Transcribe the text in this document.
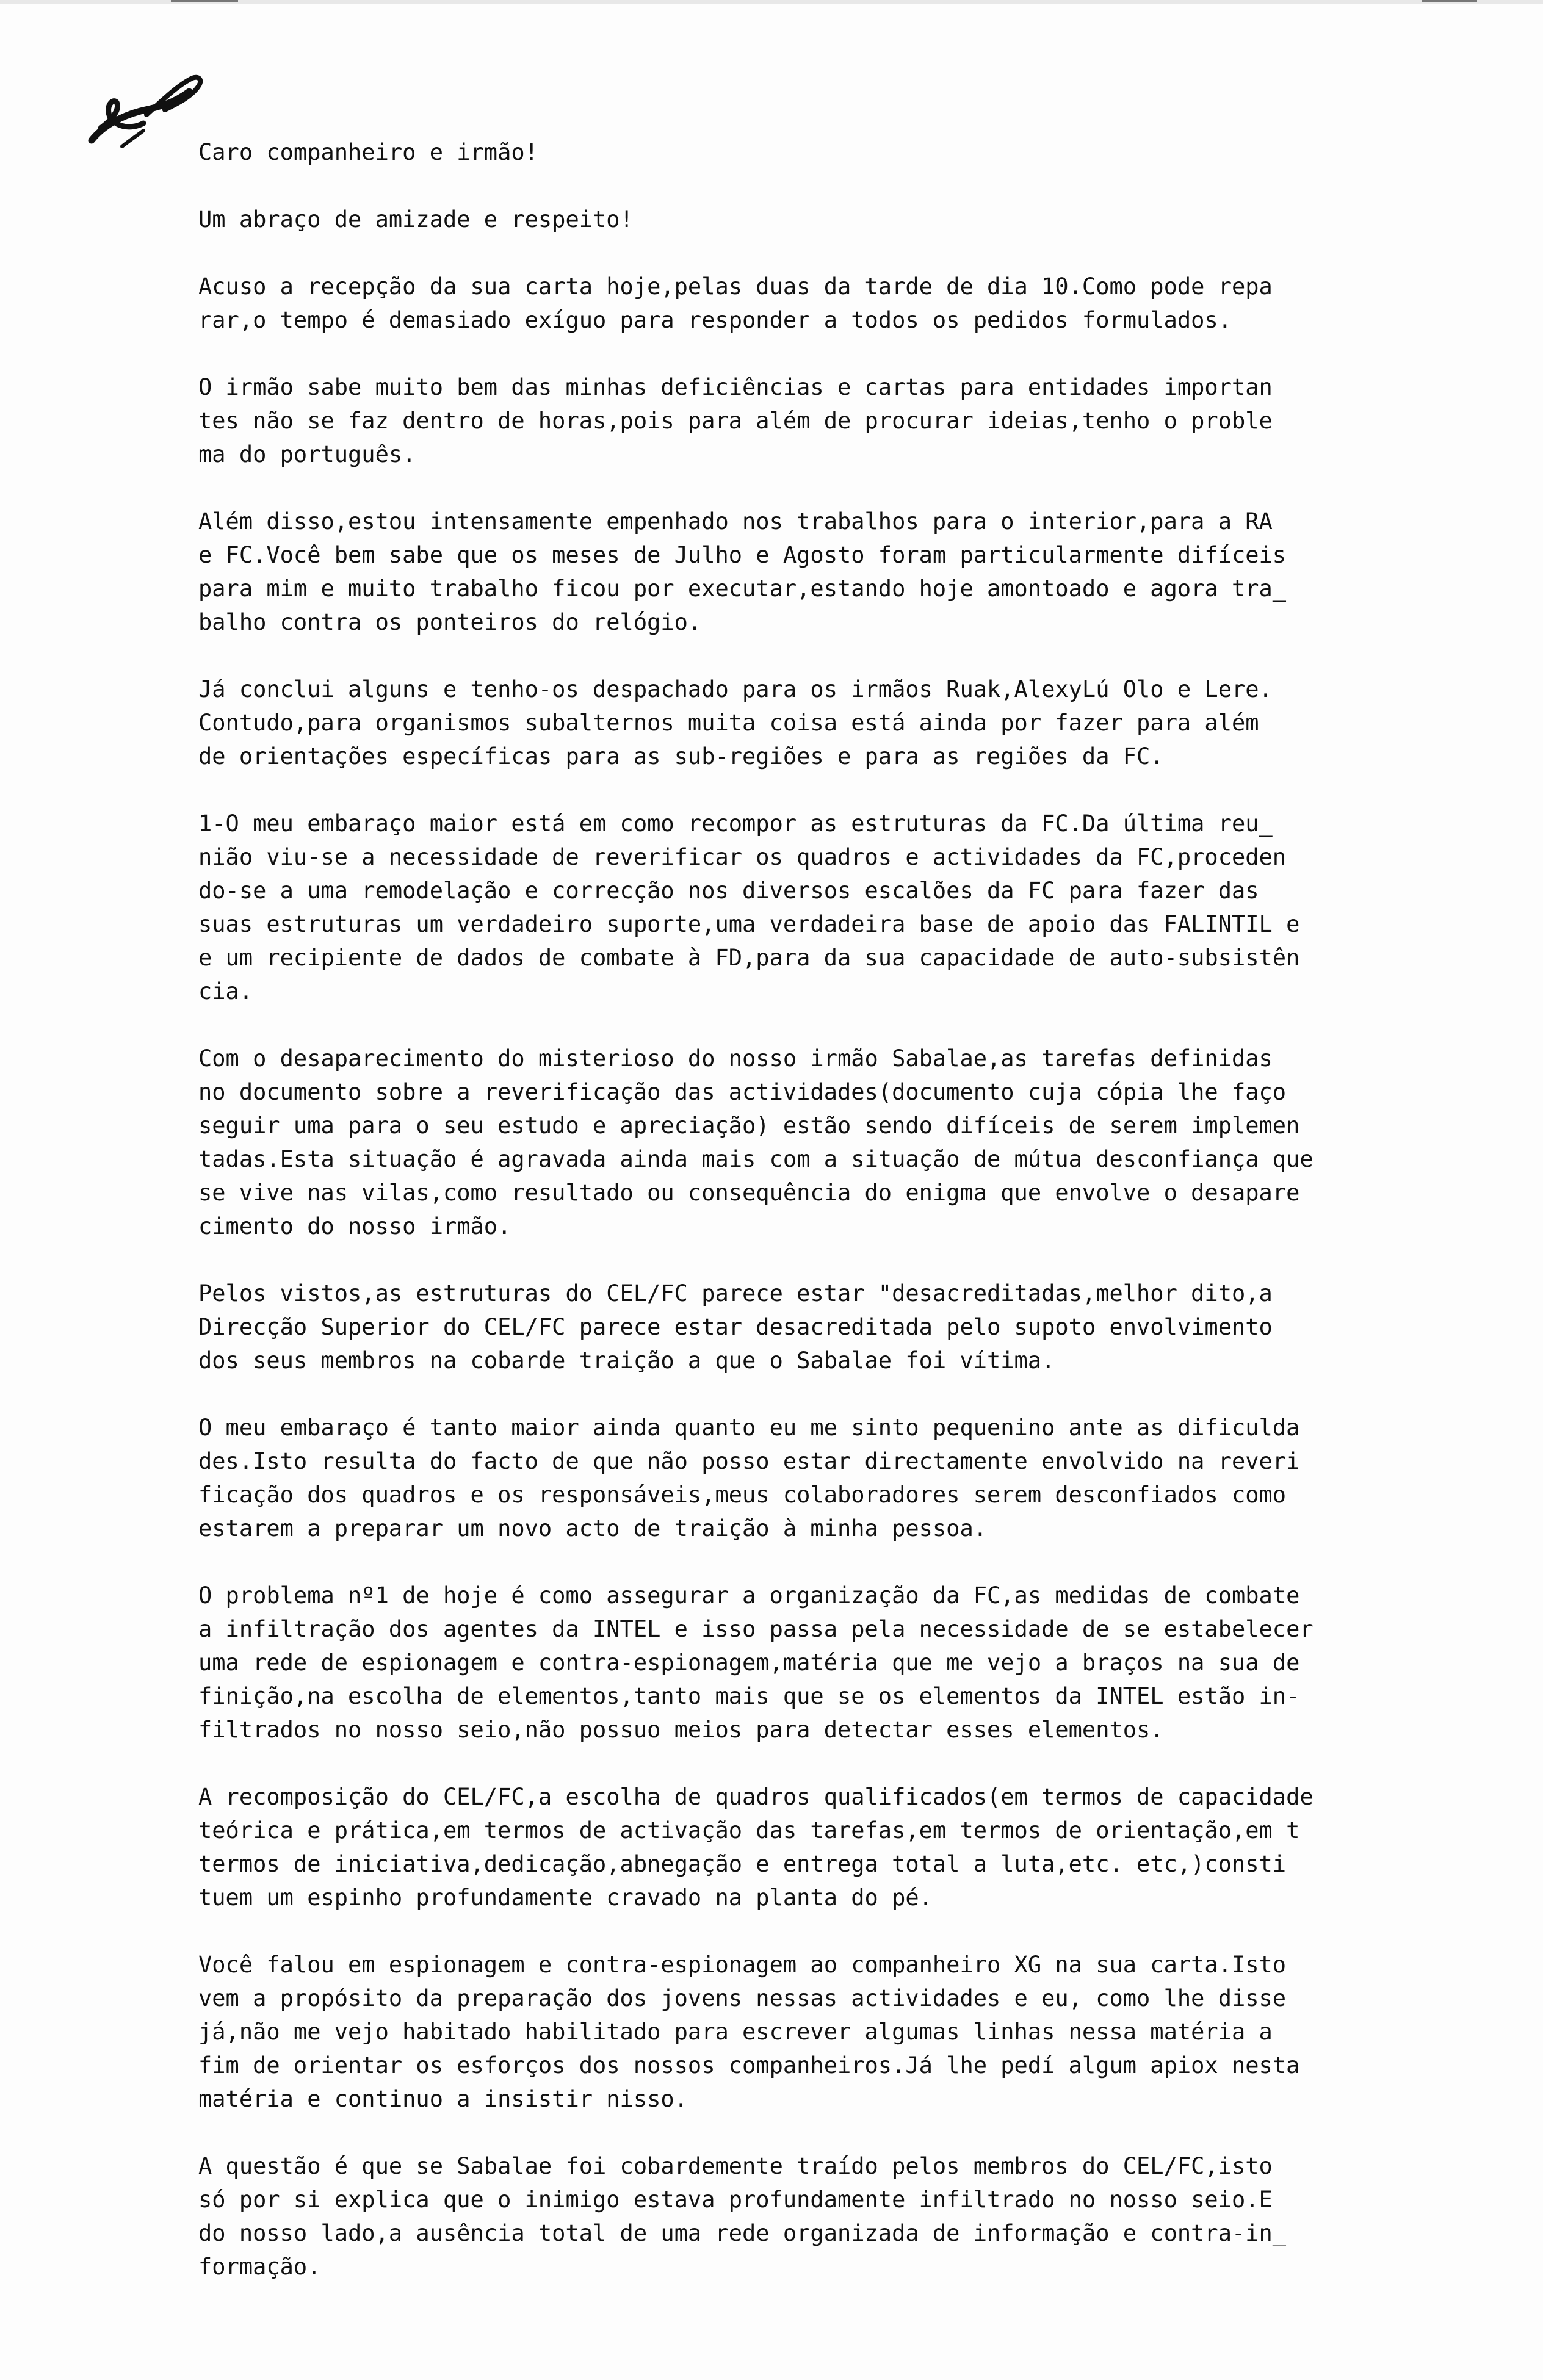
Caro companheiro e irmão!

Um abraço de amizade e respeito!

Acuso a recepção da sua carta hoje,pelas duas da tarde de dia 10.Como pode repa

rar,o tempo é demasiado exíguo para responder a todos os pedidos formulados.

O irmão sabe muito bem das minhas deficiências e cartas para entidades importan

tes não se faz dentro de horas,pois para além de procurar ideias,tenho o proble

ma do português.

Além disso,estou intensamente empenhado nos trabalhos para o interior,para a RA

e FC.Você bem sabe que os meses de Julho e Agosto foram particularmente difíceis

para mim e muito trabalho ficou por executar,estando hoje amontoado e agora tra_

balho contra os ponteiros do relógio.

Já conclui alguns e tenho-os despachado para os irmãos Ruak,AlexyLú Olo e Lere.

Contudo,para organismos subalternos muita coisa está ainda por fazer para além

de orientações específicas para as sub-regiões e para as regiões da FC.

1-O meu embaraço maior está em como recompor as estruturas da FC.Da última reu_

nião viu-se a necessidade de reverificar os quadros e actividades da FC,proceden

do-se a uma remodelação e correcção nos diversos escalões da FC para fazer das

suas estruturas um verdadeiro suporte,uma verdadeira base de apoio das FALINTIL e

e um recipiente de dados de combate à FD,para da sua capacidade de auto-subsistên

cia.

Com o desaparecimento do misterioso do nosso irmão Sabalae,as tarefas definidas

no documento sobre a reverificação das actividades(documento cuja cópia lhe faço

seguir uma para o seu estudo e apreciação) estão sendo difíceis de serem implemen

tadas.Esta situação é agravada ainda mais com a situação de mútua desconfiança que

se vive nas vilas,como resultado ou consequência do enigma que envolve o desapare

cimento do nosso irmão.

Pelos vistos,as estruturas do CEL/FC parece estar "desacreditadas,melhor dito,a

Direcção Superior do CEL/FC parece estar desacreditada pelo supoto envolvimento

dos seus membros na cobarde traição a que o Sabalae foi vítima.

O meu embaraço é tanto maior ainda quanto eu me sinto pequenino ante as dificulda

des.Isto resulta do facto de que não posso estar directamente envolvido na reveri

ficação dos quadros e os responsáveis,meus colaboradores serem desconfiados como

estarem a preparar um novo acto de traição à minha pessoa.

O problema nº1 de hoje é como assegurar a organização da FC,as medidas de combate

a infiltração dos agentes da INTEL e isso passa pela necessidade de se estabelecer

uma rede de espionagem e contra-espionagem,matéria que me vejo a braços na sua de

finição,na escolha de elementos,tanto mais que se os elementos da INTEL estão in-

filtrados no nosso seio,não possuo meios para detectar esses elementos.

A recomposição do CEL/FC,a escolha de quadros qualificados(em termos de capacidade

teórica e prática,em termos de activação das tarefas,em termos de orientação,em t

termos de iniciativa,dedicação,abnegação e entrega total a luta,etc. etc,)consti

tuem um espinho profundamente cravado na planta do pé.

Você falou em espionagem e contra-espionagem ao companheiro XG na sua carta.Isto

vem a propósito da preparação dos jovens nessas actividades e eu, como lhe disse

já,não me vejo habitado habilitado para escrever algumas linhas nessa matéria a

fim de orientar os esforços dos nossos companheiros.Já lhe pedí algum apiox nesta

matéria e continuo a insistir nisso.

A questão é que se Sabalae foi cobardemente traído pelos membros do CEL/FC,isto

só por si explica que o inimigo estava profundamente infiltrado no nosso seio.E

do nosso lado,a ausência total de uma rede organizada de informação e contra-in_

formação.
